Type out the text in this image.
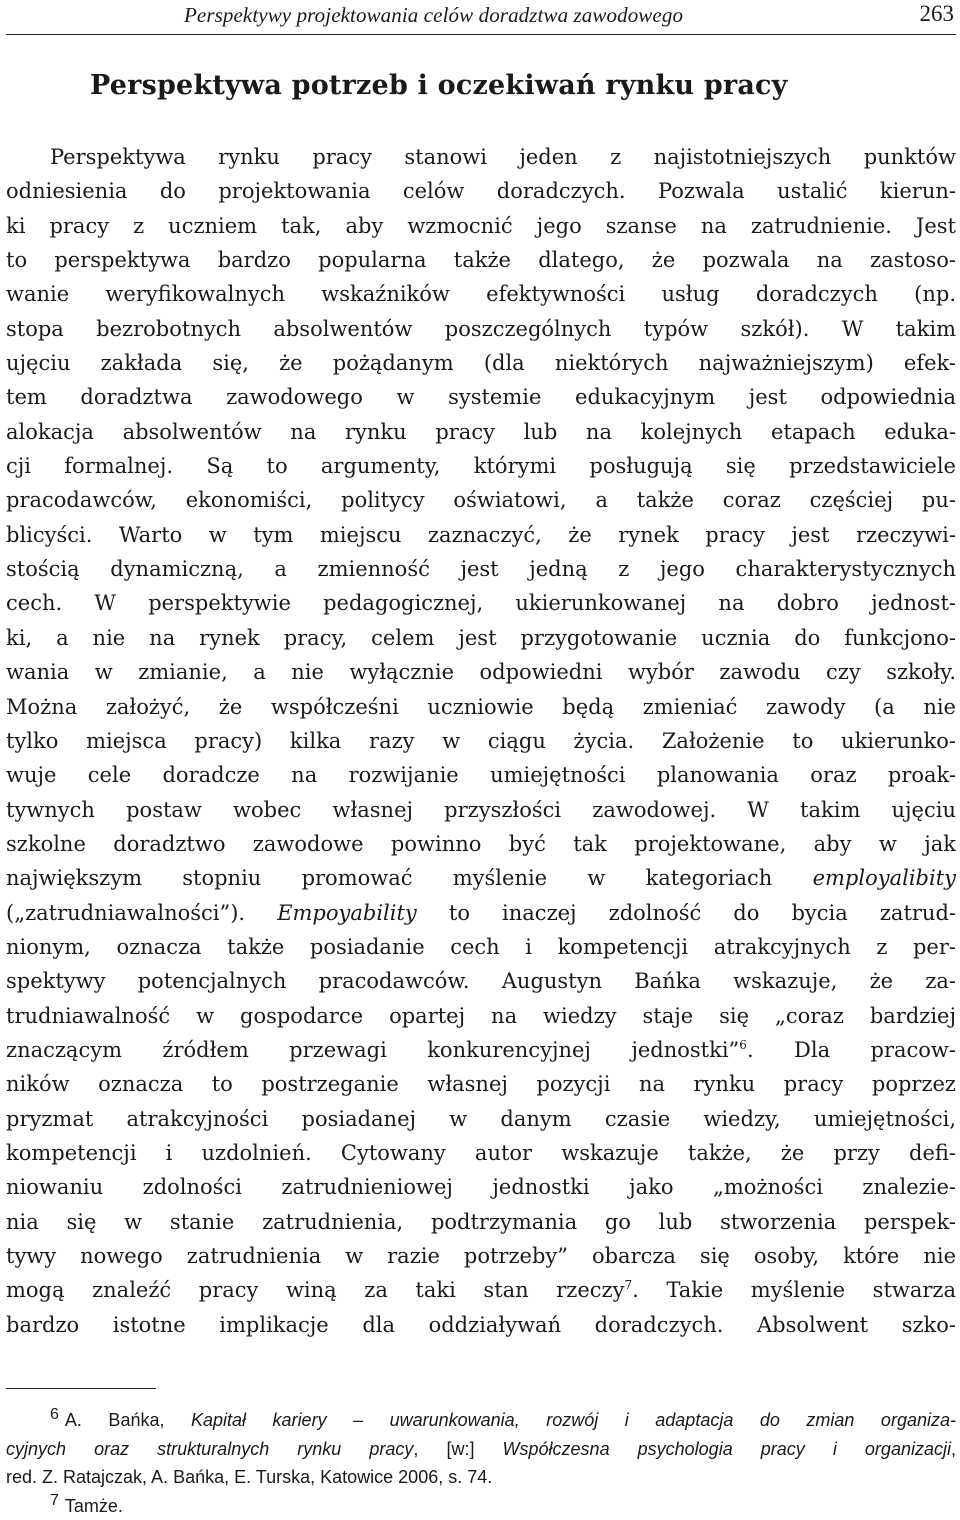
Perspektywy projektowania celów doradztwa zawodowego	263
Perspektywa potrzeb i oczekiwań rynku pracy
Perspektywa rynku pracy stanowi jeden z najistotniejszych punktów
odniesienia do projektowania celów doradczych. Pozwala ustalić kierun-
ki pracy z uczniem tak, aby wzmocnić jego szanse na zatrudnienie. Jest
to perspektywa bardzo popularna także dlatego, że pozwala na zastoso-
wanie weryfikowalnych wskaźników efektywności usług doradczych (np.
stopa bezrobotnych absolwentów poszczególnych typów szkół). W takim
ujęciu zakłada się, że pożądanym (dla niektórych najważniejszym) efek-
tem doradztwa zawodowego w systemie edukacyjnym jest odpowiednia
alokacja absolwentów na rynku pracy lub na kolejnych etapach eduka-
cji formalnej. Są to argumenty, którymi posługują się przedstawiciele
pracodawców, ekonomiści, politycy oświatowi, a także coraz częściej pu-
blicyści. Warto w tym miejscu zaznaczyć, że rynek pracy jest rzeczywi-
stością dynamiczną, a zmienność jest jedną z jego charakterystycznych
cech. W perspektywie pedagogicznej, ukierunkowanej na dobro jednost-
ki, a nie na rynek pracy, celem jest przygotowanie ucznia do funkcjono-
wania w zmianie, a nie wyłącznie odpowiedni wybór zawodu czy szkoły.
Można założyć, że współcześni uczniowie będą zmieniać zawody (a nie
tylko miejsca pracy) kilka razy w ciągu życia. Założenie to ukierunko-
wuje cele doradcze na rozwijanie umiejętności planowania oraz proak-
tywnych postaw wobec własnej przyszłości zawodowej. W takim ujęciu
szkolne doradztwo zawodowe powinno być tak projektowane, aby w jak
największym stopniu promować myślenie w kategoriach employalibity
(„zatrudniawalności”). Empoyability to inaczej zdolność do bycia zatrud-
nionym, oznacza także posiadanie cech i kompetencji atrakcyjnych z per-
spektywy potencjalnych pracodawców. Augustyn Bańka wskazuje, że za-
trudniawalność w gospodarce opartej na wiedzy staje się „coraz bardziej
znaczącym źródłem przewagi konkurencyjnej jednostki”$^6$. Dla pracow-
ników oznacza to postrzeganie własnej pozycji na rynku pracy poprzez
pryzmat atrakcyjności posiadanej w danym czasie wiedzy, umiejętności,
kompetencji i uzdolnień. Cytowany autor wskazuje także, że przy defi-
niowaniu zdolności zatrudnieniowej jednostki jako „możności znalezie-
nia się w stanie zatrudnienia, podtrzymania go lub stworzenia perspek-
tywy nowego zatrudnienia w razie potrzeby” obarcza się osoby, które nie
mogą znaleźć pracy winą za taki stan rzeczy$^7$. Takie myślenie stwarza
bardzo istotne implikacje dla oddziaływań doradczych. Absolwent szko-
6 A. Bańka, Kapitał kariery – uwarunkowania, rozwój i adaptacja do zmian organiza-
cyjnych oraz strukturalnych rynku pracy, [w:] Współczesna psychologia pracy i organizacji,
red. Z. Ratajczak, A. Bańka, E. Turska, Katowice 2006, s. 74.
7 Tamże.
